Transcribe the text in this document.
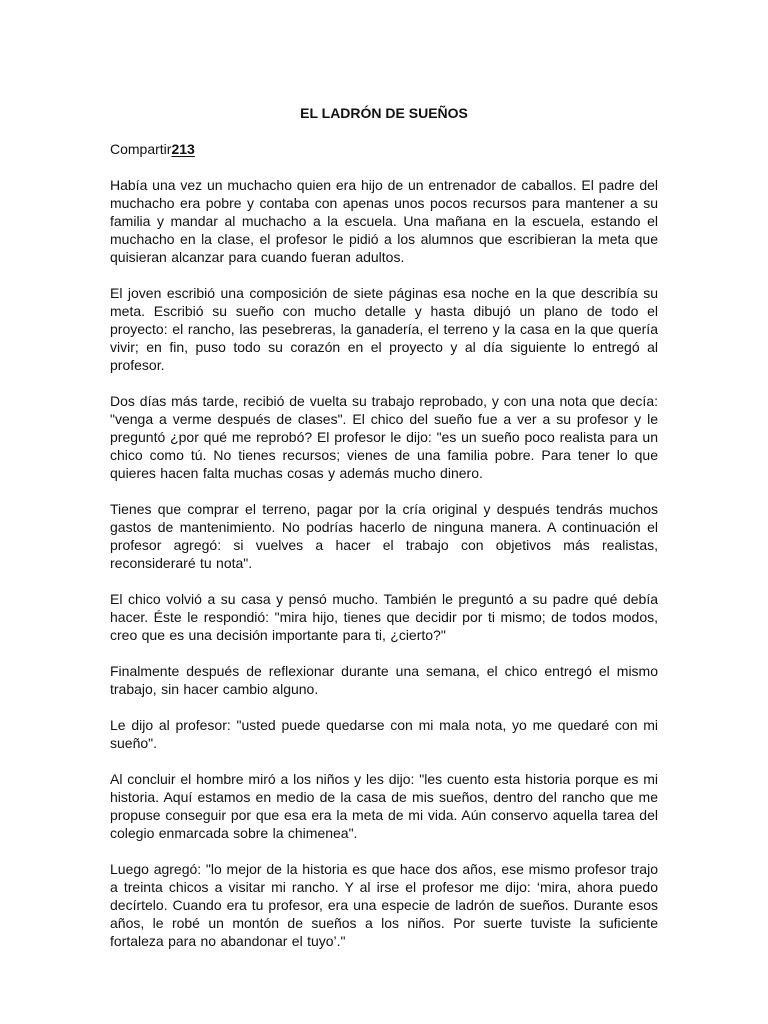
EL LADRÓN DE SUEÑOS
Compartir213

Había una vez un muchacho quien era hijo de un entrenador de caballos. El padre del muchacho era pobre y contaba con apenas unos pocos recursos para mantener a su familia y mandar al muchacho a la escuela. Una mañana en la escuela, estando el muchacho en la clase, el profesor le pidió a los alumnos que escribieran la meta que quisieran alcanzar para cuando fueran adultos.

El joven escribió una composición de siete páginas esa noche en la que describía su meta. Escribió su sueño con mucho detalle y hasta dibujó un plano de todo el proyecto: el rancho, las pesebreras, la ganadería, el terreno y la casa en la que quería vivir; en fin, puso todo su corazón en el proyecto y al día siguiente lo entregó al profesor.

Dos días más tarde, recibió de vuelta su trabajo reprobado, y con una nota que decía: "venga a verme después de clases". El chico del sueño fue a ver a su profesor y le preguntó ¿por qué me reprobó? El profesor le dijo: "es un sueño poco realista para un chico como tú. No tienes recursos; vienes de una familia pobre. Para tener lo que quieres hacen falta muchas cosas y además mucho dinero.

Tienes que comprar el terreno, pagar por la cría original y después tendrás muchos gastos de mantenimiento. No podrías hacerlo de ninguna manera. A continuación el profesor agregó: si vuelves a hacer el trabajo con objetivos más realistas, reconsideraré tu nota".

El chico volvió a su casa y pensó mucho. También le preguntó a su padre qué debía hacer. Éste le respondió: "mira hijo, tienes que decidir por ti mismo; de todos modos, creo que es una decisión importante para ti, ¿cierto?"

Finalmente después de reflexionar durante una semana, el chico entregó el mismo trabajo, sin hacer cambio alguno.

Le dijo al profesor: "usted puede quedarse con mi mala nota, yo me quedaré con mi sueño".

Al concluir el hombre miró a los niños y les dijo: "les cuento esta historia porque es mi historia. Aquí estamos en medio de la casa de mis sueños, dentro del rancho que me propuse conseguir por que esa era la meta de mi vida. Aún conservo aquella tarea del colegio enmarcada sobre la chimenea".

Luego agregó: "lo mejor de la historia es que hace dos años, ese mismo profesor trajo a treinta chicos a visitar mi rancho. Y al irse el profesor me dijo: ‘mira, ahora puedo decírtelo. Cuando era tu profesor, era una especie de ladrón de sueños. Durante esos años, le robé un montón de sueños a los niños. Por suerte tuviste la suficiente fortaleza para no abandonar el tuyo’."
